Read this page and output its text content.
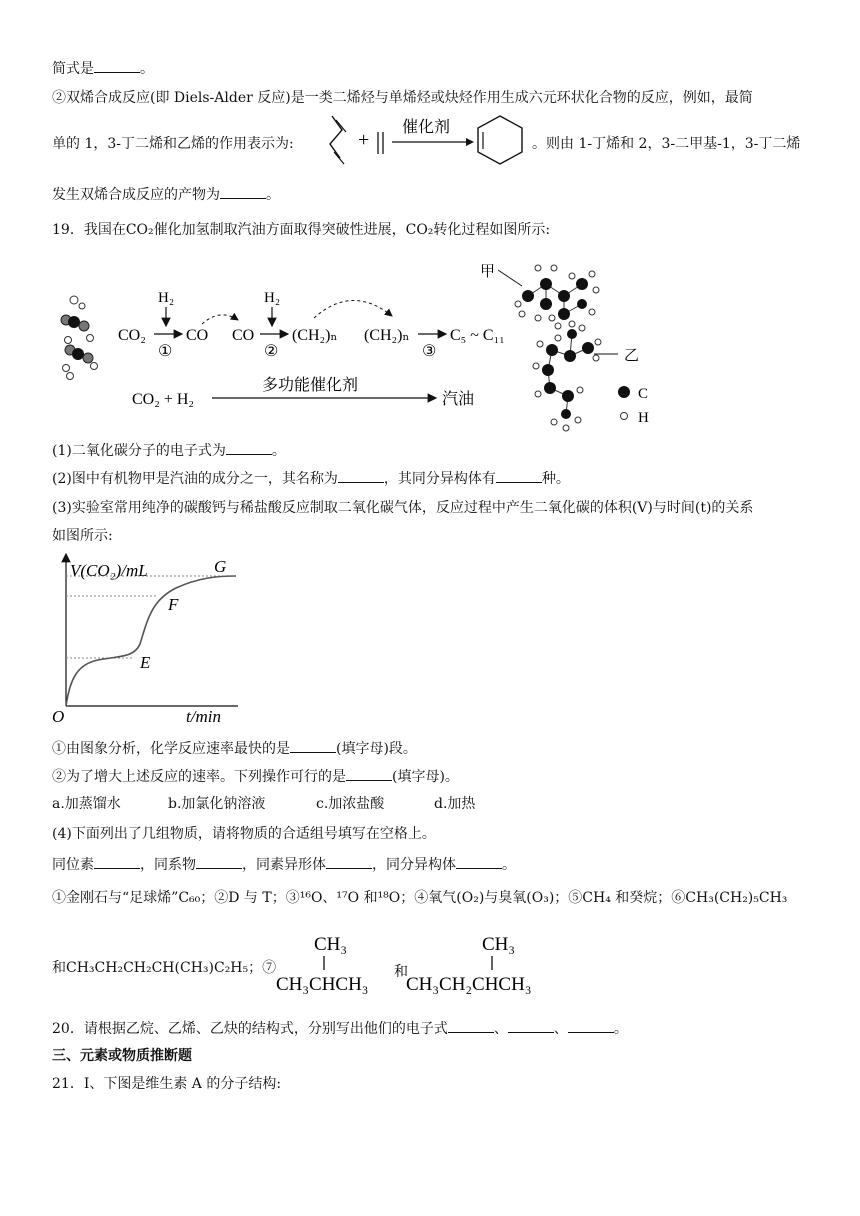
简式是	。
②双烯合成反应(即 Diels-Alder 反应)是一类二烯烃与单烯烃或炔烃作用生成六元环状化合物的反应，例如，最简
单的 1，3-丁二烯和乙烯的作用表示为:	+
催化剂
。则由 1-丁烯和 2，3-二甲基-1，3-丁二烯
发生双烯合成反应的产物为	。
19．我国在CO₂催化加氢制取汽油方面取得突破性进展，CO₂转化过程如图所示:
CO₂
H₂
①
CO CO
H₂
②
(CH₂)ₙ (CH₂)ₙ
③
C₅ ~ C₁₁
CO₂ + H₂
多功能催化剂
汽油
甲
乙
C
H
(1)二氧化碳分子的电子式为	。
(2)图中有机物甲是汽油的成分之一，其名称为	，其同分异构体有	种。
(3)实验室常用纯净的碳酸钙与稀盐酸反应制取二氧化碳气体，反应过程中产生二氧化碳的体积(V)与时间(t)的关系
如图所示:
V(CO₂)/mL	G
F
E
O	t/min
①由图象分析，化学反应速率最快的是	(填字母)段。
②为了增大上述反应的速率。下列操作可行的是	(填字母)。
a.加蒸馏水	b.加氯化钠溶液	c.加浓盐酸	d.加热
(4)下面列出了几组物质，请将物质的合适组号填写在空格上。
同位素	，同系物	，同素异形体	，同分异构体	。
①金刚石与“足球烯”C₆₀；②D 与 T；③¹⁶O、¹⁷O 和¹⁸O；④氧气(O₂)与臭氧(O₃)；⑤CH₄ 和癸烷；⑥CH₃(CH₂)₅CH₃
和CH₃CH₂CH₂CH(CH₃)C₂H₅；⑦
CH₃
CH₃CHCH₃
和
CH₃
CH₃CH₂CHCH₃
20．请根据乙烷、乙烯、乙炔的结构式，分别写出他们的电子式	、	、	。
三、元素或物质推断题
21．I、下图是维生素 A 的分子结构:
